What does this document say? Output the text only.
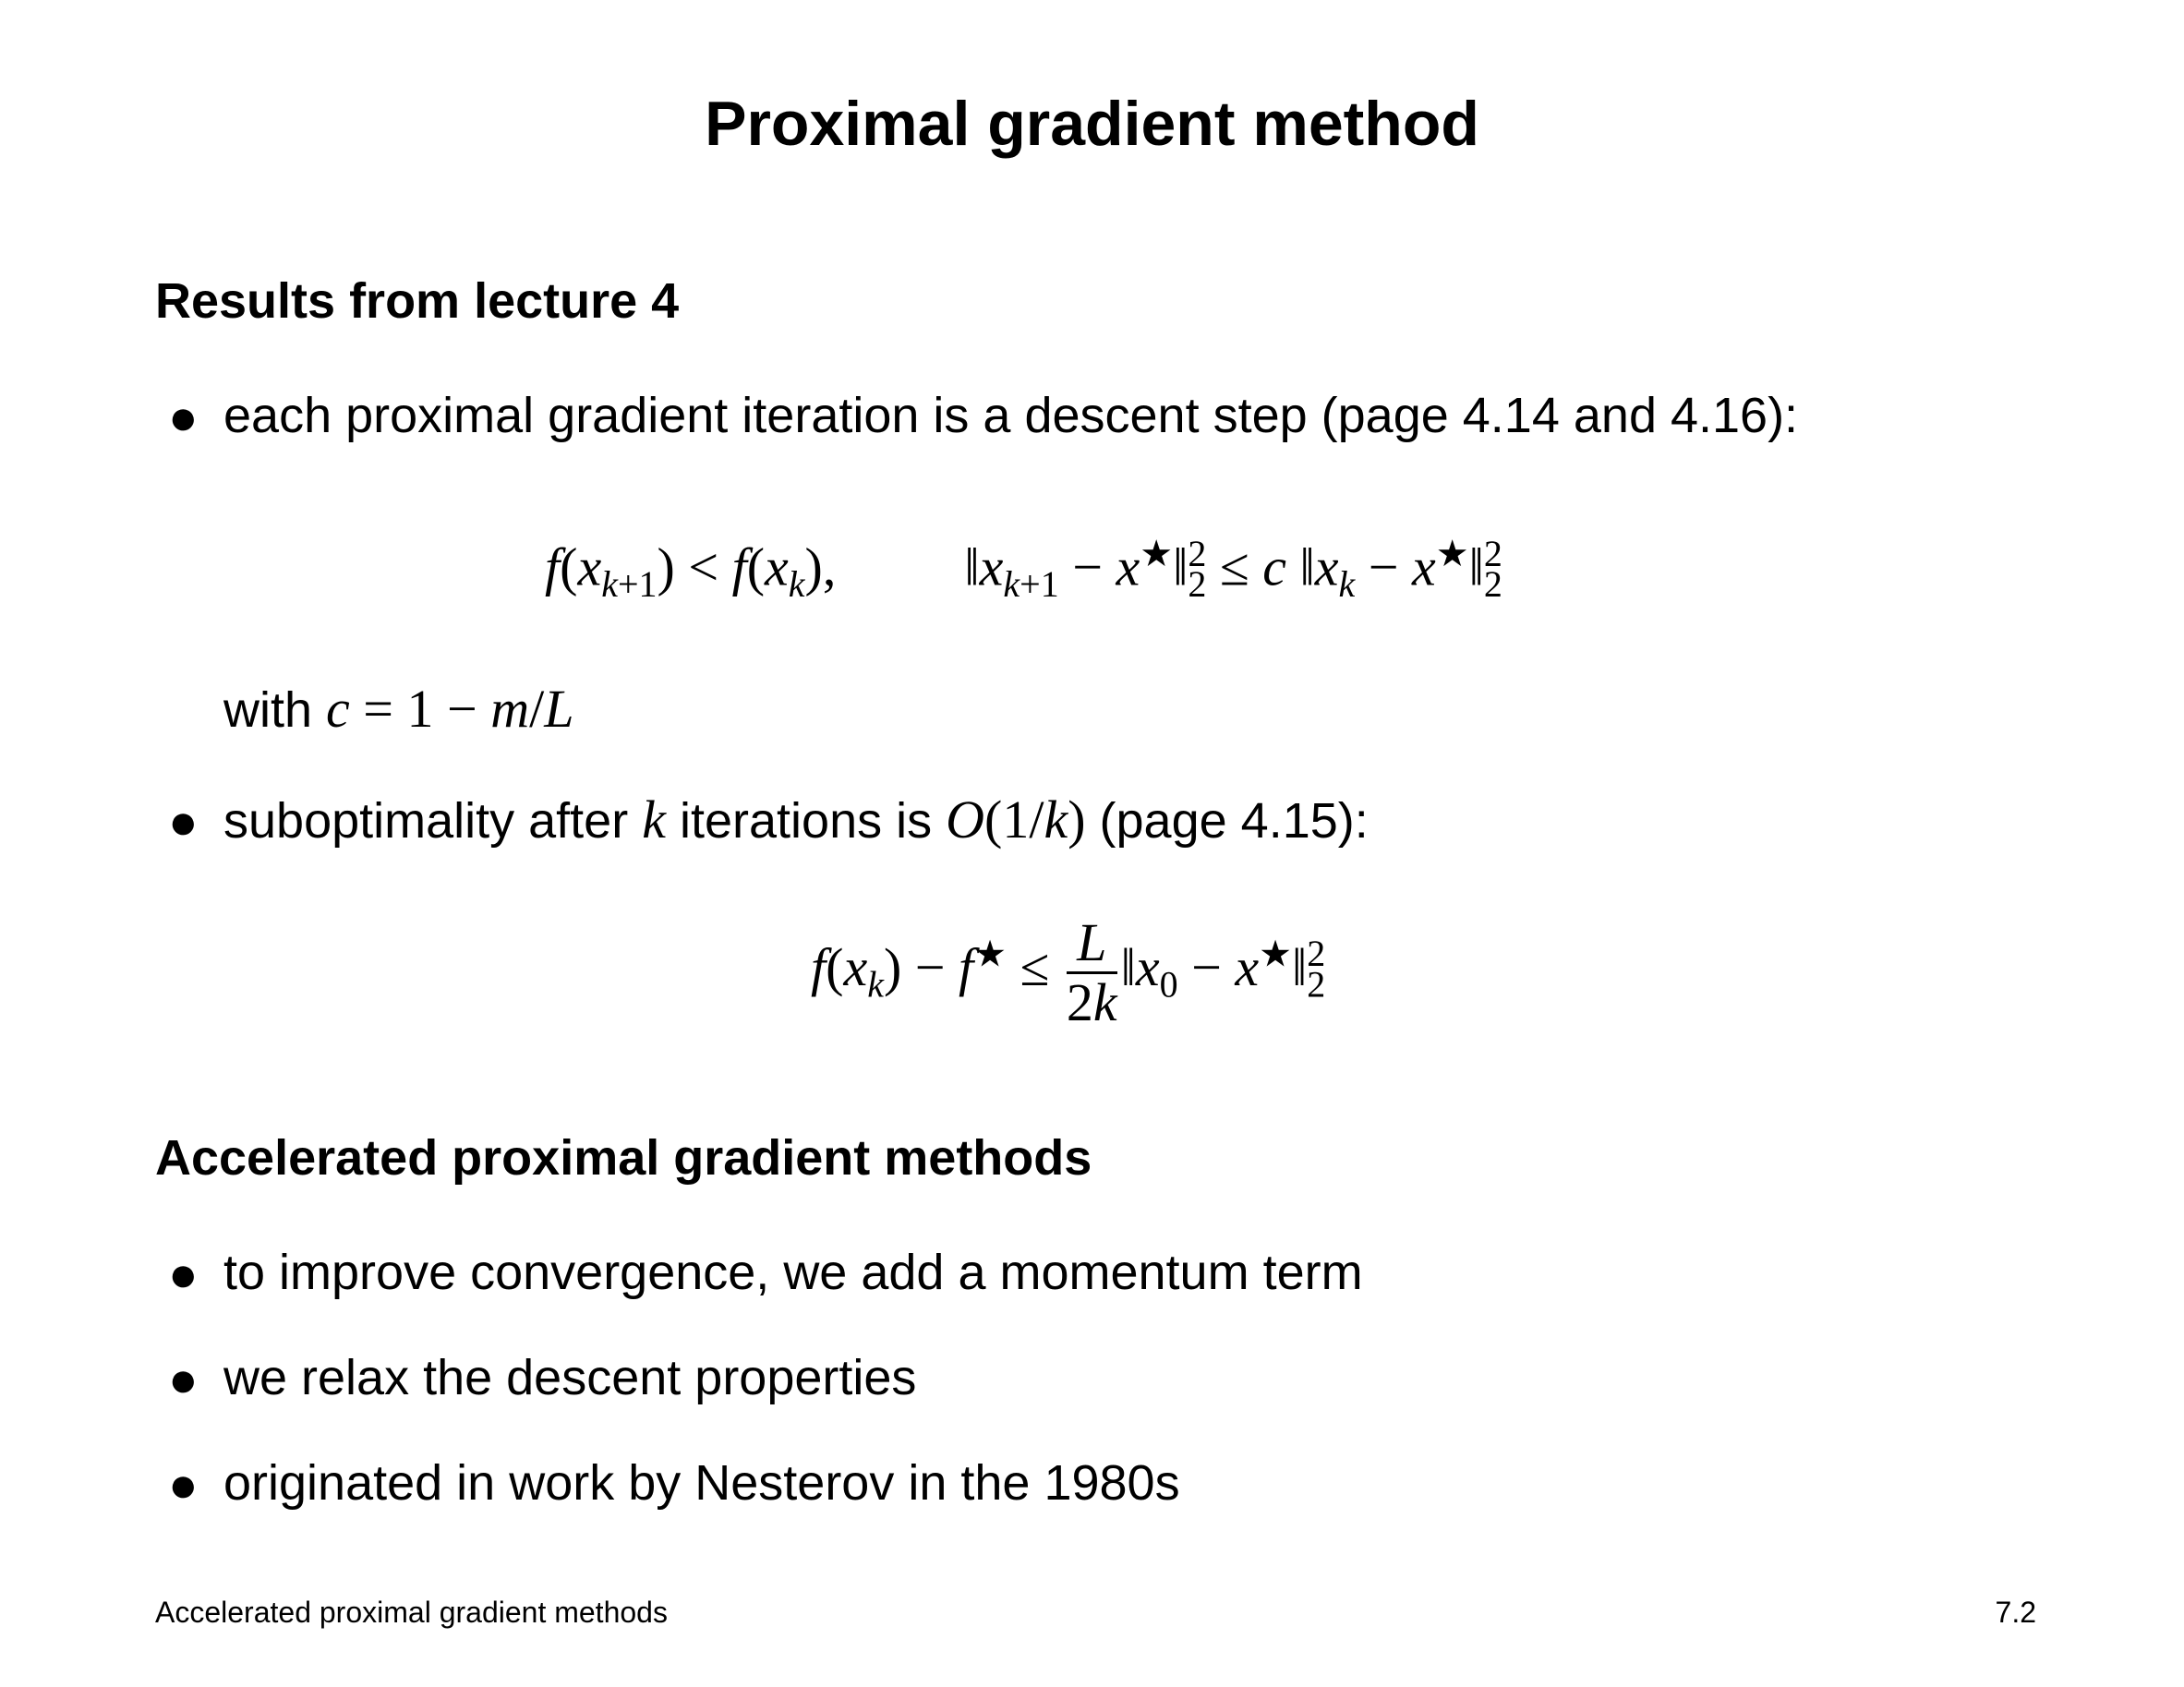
Proximal gradient method
Results from lecture 4
● each proximal gradient iteration is a descent step (page 4.14 and 4.16):
$f(x_{k+1}) < f(x_k)$,  $‖x_{k+1}$ − $x^★‖_2^2 \le c$ $‖x_k$ − $x^★‖_2^2$
with c = 1 − m/L
● suboptimality after k iterations is O(1/k) (page 4.15):
$f(x_k) - f^★ \le \frac{L}{2k}$ $‖x_0$ − $x^★‖_2^2$
Accelerated proximal gradient methods
● to improve convergence, we add a momentum term
● we relax the descent properties
● originated in work by Nesterov in the 1980s
Accelerated proximal gradient methods	7.2
